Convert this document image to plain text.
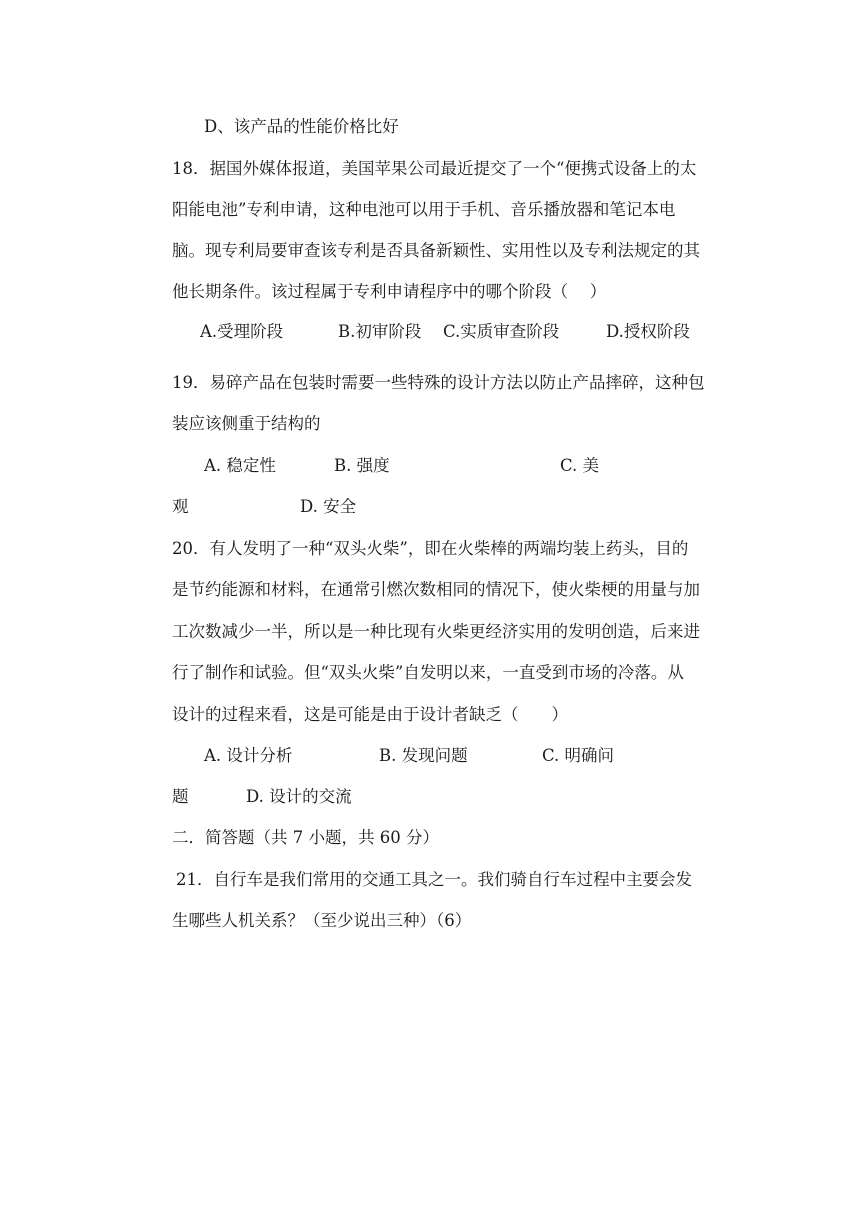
D、该产品的性能价格比好
18．据国外媒体报道，美国苹果公司最近提交了一个“便携式设备上的太
阳能电池”专利申请，这种电池可以用于手机、音乐播放器和笔记本电
脑。现专利局要审查该专利是否具备新颖性、实用性以及专利法规定的其
他长期条件。该过程属于专利申请程序中的哪个阶段（　 ）
A.受理阶段	B.初审阶段 C.实质审查阶段	D.授权阶段
19．易碎产品在包装时需要一些特殊的设计方法以防止产品摔碎，这种包
装应该侧重于结构的
A. 稳定性	B. 强度	C. 美
观	D. 安全
20．有人发明了一种“双头火柴”，即在火柴棒的两端均装上药头，目的
是节约能源和材料，在通常引燃次数相同的情况下，使火柴梗的用量与加
工次数减少一半，所以是一种比现有火柴更经济实用的发明创造，后来进
行了制作和试验。但“双头火柴”自发明以来，一直受到市场的冷落。从
设计的过程来看，这是可能是由于设计者缺乏（　　）
A. 设计分析	B. 发现问题	C. 明确问
题	D. 设计的交流
二．简答题（共 7 小题，共 60 分）
21．自行车是我们常用的交通工具之一。我们骑自行车过程中主要会发
生哪些人机关系？（至少说出三种）（6）
